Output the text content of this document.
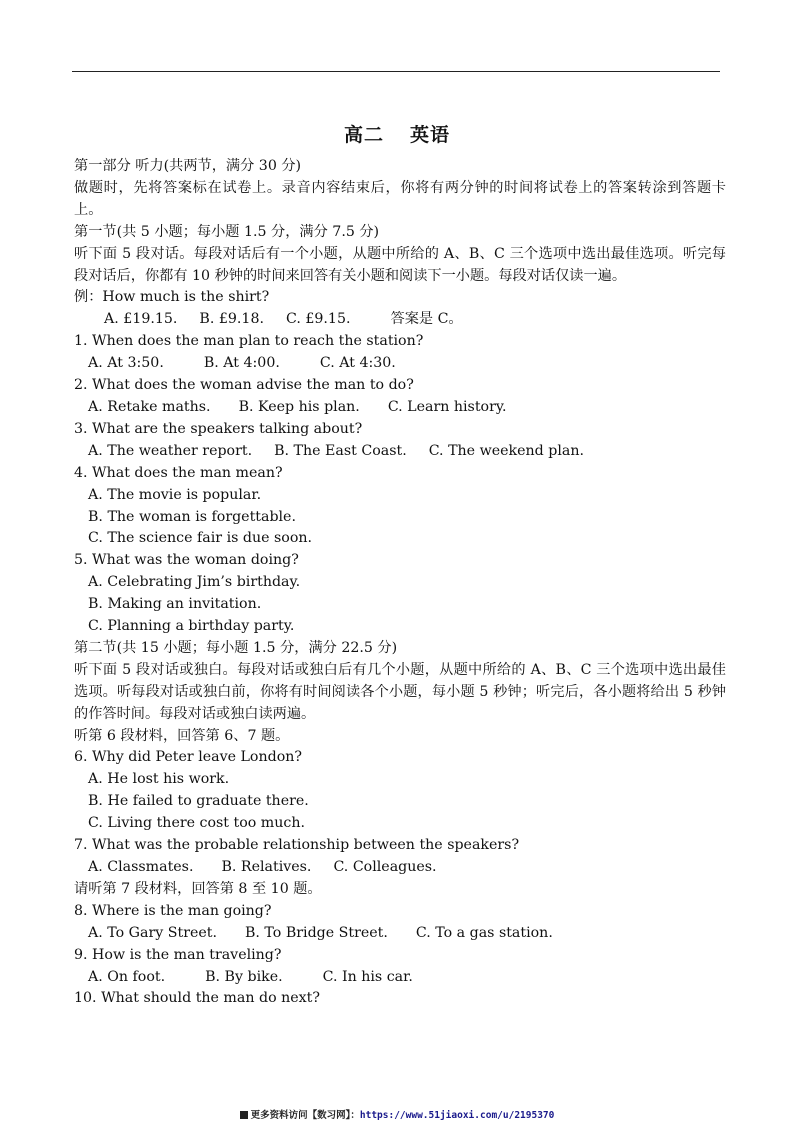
高二 英语
第一部分 听力(共两节，满分 30 分)
做题时，先将答案标在试卷上。录音内容结束后，你将有两分钟的时间将试卷上的答案转涂到答题卡上。
第一节(共 5 小题；每小题 1.5 分，满分 7.5 分)
听下面 5 段对话。每段对话后有一个小题，从题中所给的 A、B、C 三个选项中选出最佳选项。听完每段对话后，你都有 10 秒钟的时间来回答有关小题和阅读下一小题。每段对话仅读一遍。
例：How much is the shirt?
A. £19.15. B. £9.18. C. £9.15.	答案是 C。
1. When does the man plan to reach the station?
A. At 3:50.	B. At 4:00.	C. At 4:30.
2. What does the woman advise the man to do?
A. Retake maths. B. Keep his plan. C. Learn history.
3. What are the speakers talking about?
A. The weather report. B. The East Coast. C. The weekend plan.
4. What does the man mean?
A. The movie is popular.
B. The woman is forgettable.
C. The science fair is due soon.
5. What was the woman doing?
A. Celebrating Jim’s birthday.
B. Making an invitation.
C. Planning a birthday party.
第二节(共 15 小题；每小题 1.5 分，满分 22.5 分)
听下面 5 段对话或独白。每段对话或独白后有几个小题，从题中所给的 A、B、C 三个选项中选出最佳选项。听每段对话或独白前，你将有时间阅读各个小题，每小题 5 秒钟；听完后，各小题将给出 5 秒钟的作答时间。每段对话或独白读两遍。
听第 6 段材料，回答第 6、7 题。
6. Why did Peter leave London?
A. He lost his work.
B. He failed to graduate there.
C. Living there cost too much.
7. What was the probable relationship between the speakers?
A. Classmates. B. Relatives. C. Colleagues.
请听第 7 段材料，回答第 8 至 10 题。
8. Where is the man going?
A. To Gary Street. B. To Bridge Street. C. To a gas station.
9. How is the man traveling?
A. On foot.	B. By bike.	C. In his car.
10. What should the man do next?
更多资料访问【数习网】：https://www.51jiaoxi.com/u/2195370
